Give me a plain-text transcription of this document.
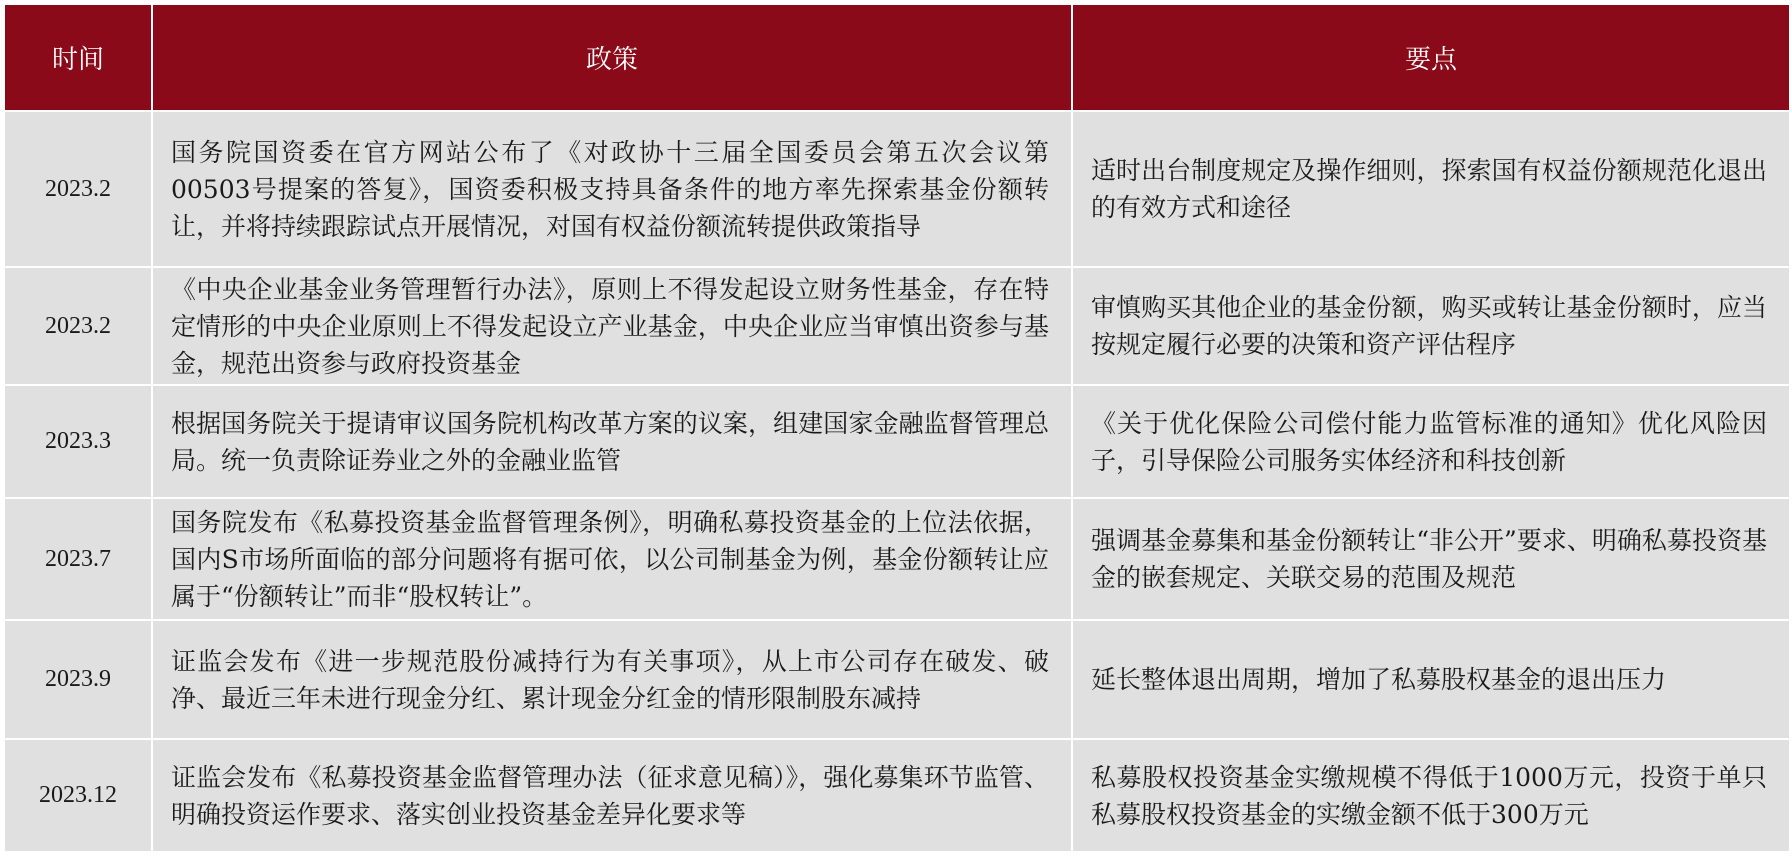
时间	政策	要点
2023.2	国务院国资委在官方网站公布了《对政协十三届全国委员会第五次会议第00503号提案的答复》，国资委积极支持具备条件的地方率先探索基金份额转让，并将持续跟踪试点开展情况，对国有权益份额流转提供政策指导	适时出台制度规定及操作细则，探索国有权益份额规范化退出的有效方式和途径
2023.2	《中央企业基金业务管理暂行办法》，原则上不得发起设立财务性基金，存在特定情形的中央企业原则上不得发起设立产业基金，中央企业应当审慎出资参与基金，规范出资参与政府投资基金	审慎购买其他企业的基金份额，购买或转让基金份额时，应当按规定履行必要的决策和资产评估程序
2023.3	根据国务院关于提请审议国务院机构改革方案的议案，组建国家金融监督管理总局。统一负责除证券业之外的金融业监管	《关于优化保险公司偿付能力监管标准的通知》优化风险因子，引导保险公司服务实体经济和科技创新
2023.7	国务院发布《私募投资基金监督管理条例》，明确私募投资基金的上位法依据，国内S市场所面临的部分问题将有据可依，以公司制基金为例，基金份额转让应属于“份额转让”而非“股权转让”。	强调基金募集和基金份额转让“非公开”要求、明确私募投资基金的嵌套规定、关联交易的范围及规范
2023.9	证监会发布《进一步规范股份减持行为有关事项》，从上市公司存在破发、破净、最近三年未进行现金分红、累计现金分红金的情形限制股东减持	延长整体退出周期，增加了私募股权基金的退出压力
2023.12	证监会发布《私募投资基金监督管理办法（征求意见稿）》，强化募集环节监管、明确投资运作要求、落实创业投资基金差异化要求等	私募股权投资基金实缴规模不得低于1000万元，投资于单只私募股权投资基金的实缴金额不低于300万元
